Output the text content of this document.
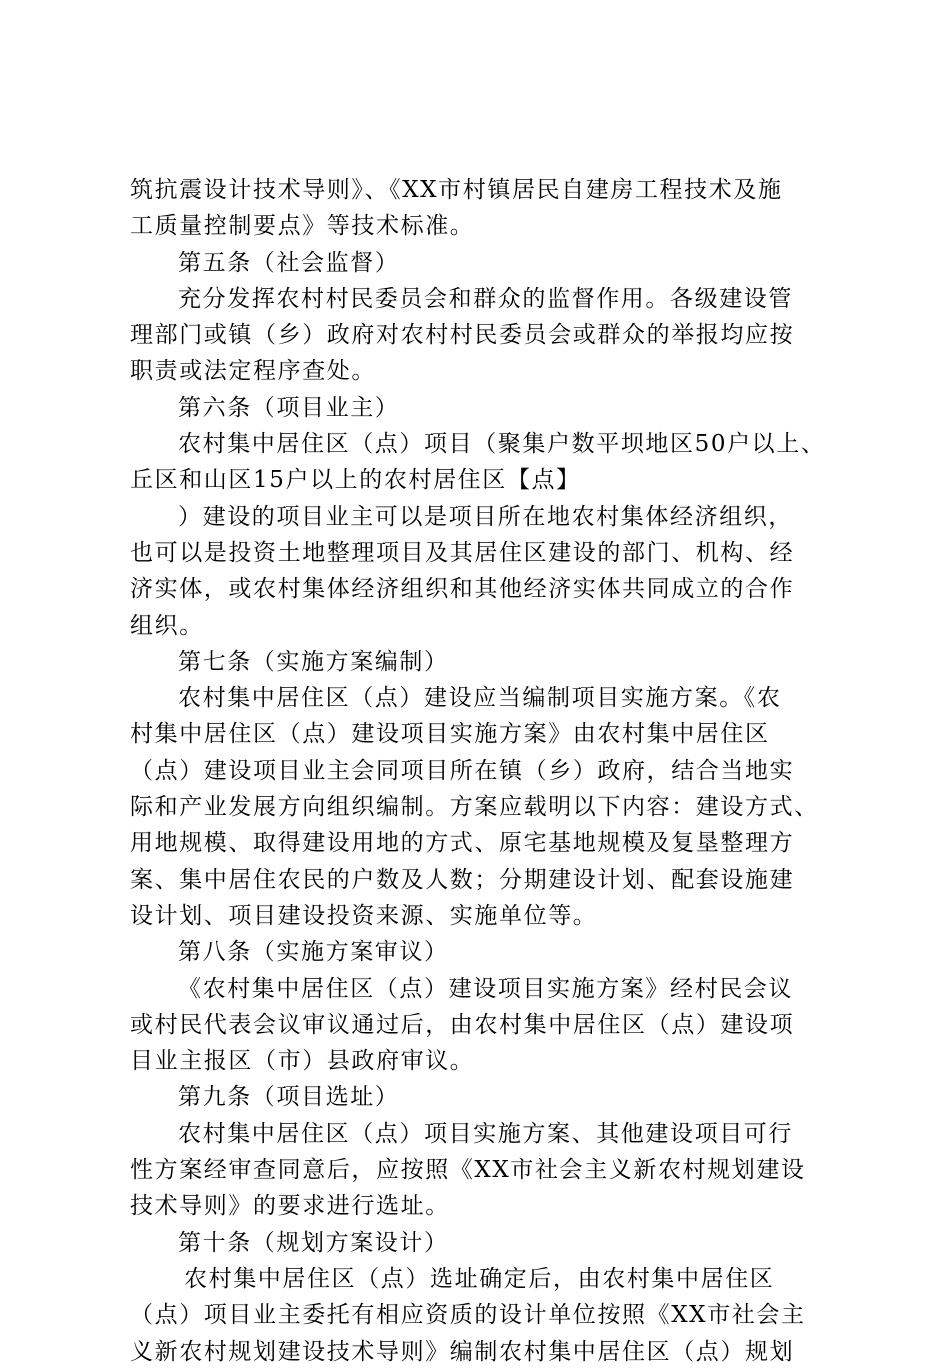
筑抗震设计技术导则》、《XX市村镇居民自建房工程技术及施
工质量控制要点》等技术标准。
第五条（社会监督）
充分发挥农村村民委员会和群众的监督作用。各级建设管
理部门或镇（乡）政府对农村村民委员会或群众的举报均应按
职责或法定程序查处。
第六条（项目业主）
农村集中居住区（点）项目（聚集户数平坝地区50户以上、
丘区和山区15户以上的农村居住区【点】
）建设的项目业主可以是项目所在地农村集体经济组织，
也可以是投资土地整理项目及其居住区建设的部门、机构、经
济实体，或农村集体经济组织和其他经济实体共同成立的合作
组织。
第七条（实施方案编制）
农村集中居住区（点）建设应当编制项目实施方案。《农
村集中居住区（点）建设项目实施方案》由农村集中居住区
（点）建设项目业主会同项目所在镇（乡）政府，结合当地实
际和产业发展方向组织编制。方案应载明以下内容：建设方式、
用地规模、取得建设用地的方式、原宅基地规模及复垦整理方
案、集中居住农民的户数及人数；分期建设计划、配套设施建
设计划、项目建设投资来源、实施单位等。
第八条（实施方案审议）
《农村集中居住区（点）建设项目实施方案》经村民会议
或村民代表会议审议通过后，由农村集中居住区（点）建设项
目业主报区（市）县政府审议。
第九条（项目选址）
农村集中居住区（点）项目实施方案、其他建设项目可行
性方案经审查同意后，应按照《XX市社会主义新农村规划建设
技术导则》的要求进行选址。
第十条（规划方案设计）
农村集中居住区（点）选址确定后，由农村集中居住区
（点）项目业主委托有相应资质的设计单位按照《XX市社会主
义新农村规划建设技术导则》编制农村集中居住区（点）规划
